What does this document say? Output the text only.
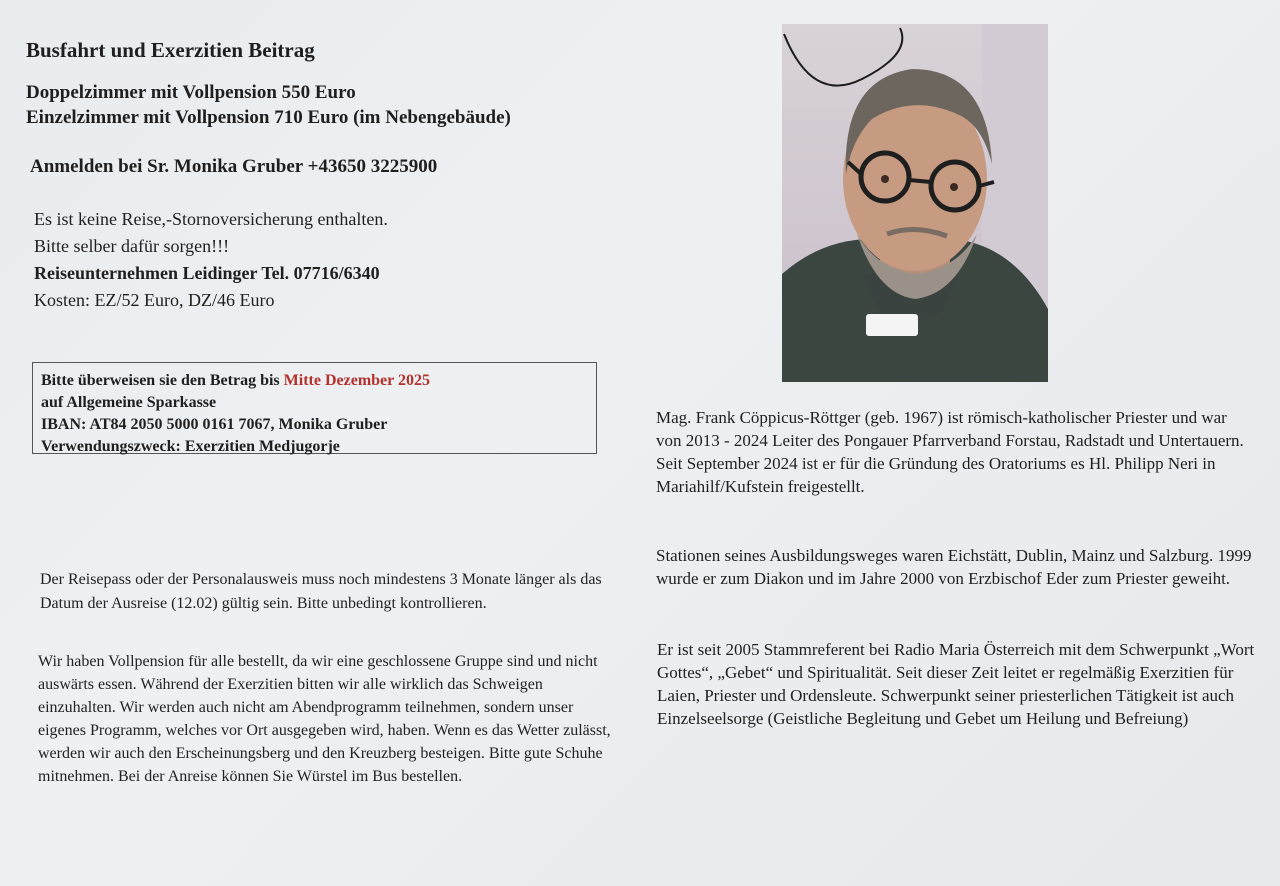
Busfahrt und Exerzitien Beitrag
Doppelzimmer mit Vollpension 550 Euro
Einzelzimmer mit Vollpension 710 Euro (im Nebengebäude)
Anmelden bei Sr. Monika Gruber +43650 3225900
Es ist keine Reise,-Stornoversicherung enthalten.
Bitte selber dafür sorgen!!!
Reiseunternehmen Leidinger Tel. 07716/6340
Kosten: EZ/52 Euro, DZ/46 Euro
Bitte überweisen sie den Betrag bis Mitte Dezember 2025
auf Allgemeine Sparkasse
IBAN: AT84 2050 5000 0161 7067, Monika Gruber
Verwendungszweck: Exerzitien Medjugorje
Der Reisepass oder der Personalausweis muss noch mindestens 3 Monate länger als das Datum der Ausreise (12.02) gültig sein. Bitte unbedingt kontrollieren.
Wir haben Vollpension für alle bestellt, da wir eine geschlossene Gruppe sind und nicht auswärts essen. Während der Exerzitien bitten wir alle wirklich das Schweigen einzuhalten. Wir werden auch nicht am Abendprogramm teilnehmen, sondern unser eigenes Programm, welches vor Ort ausgegeben wird, haben. Wenn es das Wetter zulässt, werden wir auch den Erscheinungsberg und den Kreuzberg besteigen. Bitte gute Schuhe mitnehmen. Bei der Anreise können Sie Würstel im Bus bestellen.
Mag. Frank Cöppicus-Röttger (geb. 1967) ist römisch-katholischer Priester und war von 2013 - 2024 Leiter des Pongauer Pfarrverband Forstau, Radstadt und Untertauern. Seit September 2024 ist er für die Gründung des Oratoriums es Hl. Philipp Neri in Mariahilf/Kufstein freigestellt.
Stationen seines Ausbildungsweges waren Eichstätt, Dublin, Mainz und Salzburg. 1999 wurde er zum Diakon und im Jahre 2000 von Erzbischof Eder zum Priester geweiht.
Er ist seit 2005 Stammreferent bei Radio Maria Österreich mit dem Schwerpunkt „Wort Gottes“, „Gebet“ und Spiritualität. Seit dieser Zeit leitet er regelmäßig Exerzitien für Laien, Priester und Ordensleute. Schwerpunkt seiner priesterlichen Tätigkeit ist auch Einzelseelsorge (Geistliche Begleitung und Gebet um Heilung und Befreiung)
